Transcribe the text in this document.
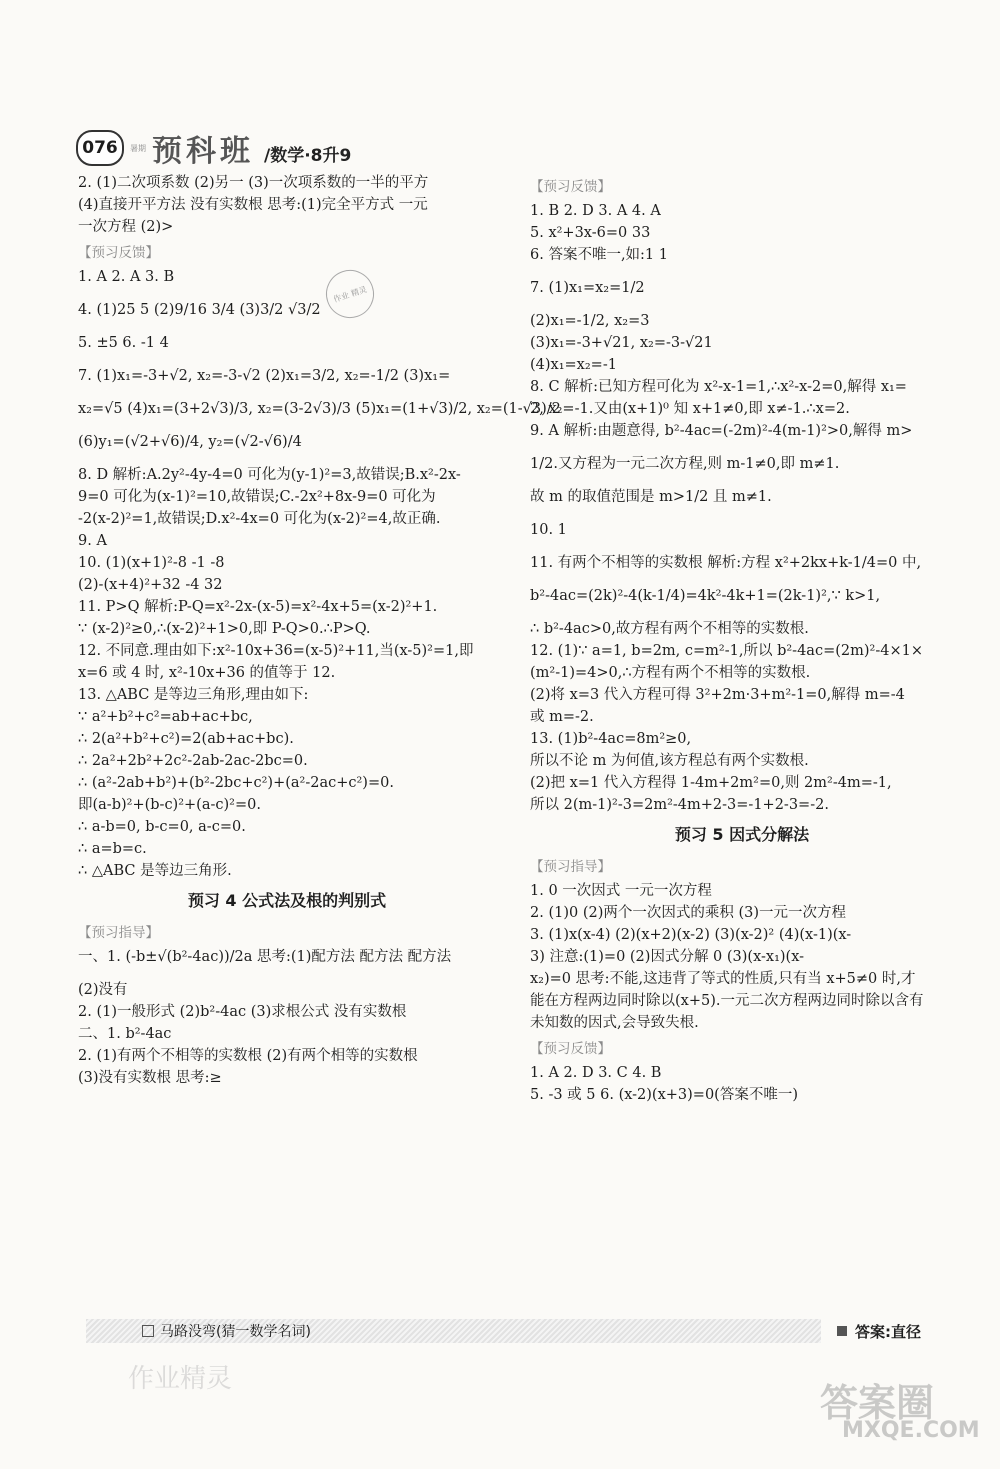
076	暑期 预科班 /数学·8升9
作业 精灵
2. (1)二次项系数 (2)另一 (3)一次项系数的一半的平方
(4)直接开平方法 没有实数根 思考:(1)完全平方式 一元
一次方程 (2)>
【预习反馈】
1. A 2. A 3. B
4. (1)25 5 (2)9/16 3/4 (3)3/2 √3/2
5. ±5 6. -1 4
7. (1)x₁=-3+√2, x₂=-3-√2 (2)x₁=3/2, x₂=-1/2 (3)x₁=
x₂=√5 (4)x₁=(3+2√3)/3, x₂=(3-2√3)/3 (5)x₁=(1+√3)/2, x₂=(1-√3)/2
(6)y₁=(√2+√6)/4, y₂=(√2-√6)/4
8. D 解析:A.2y²-4y-4=0 可化为(y-1)²=3,故错误;B.x²-2x-
9=0 可化为(x-1)²=10,故错误;C.-2x²+8x-9=0 可化为
-2(x-2)²=1,故错误;D.x²-4x=0 可化为(x-2)²=4,故正确.
9. A
10. (1)(x+1)²-8 -1 -8
(2)-(x+4)²+32 -4 32
11. P>Q 解析:P-Q=x²-2x-(x-5)=x²-4x+5=(x-2)²+1.
∵ (x-2)²≥0,∴(x-2)²+1>0,即 P-Q>0.∴P>Q.
12. 不同意.理由如下:x²-10x+36=(x-5)²+11,当(x-5)²=1,即
x=6 或 4 时, x²-10x+36 的值等于 12.
13. △ABC 是等边三角形,理由如下:
∵ a²+b²+c²=ab+ac+bc,
∴ 2(a²+b²+c²)=2(ab+ac+bc).
∴ 2a²+2b²+2c²-2ab-2ac-2bc=0.
∴ (a²-2ab+b²)+(b²-2bc+c²)+(a²-2ac+c²)=0.
即(a-b)²+(b-c)²+(a-c)²=0.
∴ a-b=0, b-c=0, a-c=0.
∴ a=b=c.
∴ △ABC 是等边三角形.
预习 4 公式法及根的判别式
【预习指导】
一、1. (-b±√(b²-4ac))/2a 思考:(1)配方法 配方法 配方法
(2)没有
2. (1)一般形式 (2)b²-4ac (3)求根公式 没有实数根
二、1. b²-4ac
2. (1)有两个不相等的实数根 (2)有两个相等的实数根
(3)没有实数根 思考:≥
【预习反馈】
1. B 2. D 3. A 4. A
5. x²+3x-6=0 33
6. 答案不唯一,如:1 1
7. (1)x₁=x₂=1/2
(2)x₁=-1/2, x₂=3
(3)x₁=-3+√21, x₂=-3-√21
(4)x₁=x₂=-1
8. C 解析:已知方程可化为 x²-x-1=1,∴x²-x-2=0,解得 x₁=
2, x₂=-1.又由(x+1)⁰ 知 x+1≠0,即 x≠-1.∴x=2.
9. A 解析:由题意得, b²-4ac=(-2m)²-4(m-1)²>0,解得 m>
1/2.又方程为一元二次方程,则 m-1≠0,即 m≠1.
故 m 的取值范围是 m>1/2 且 m≠1.
10. 1
11. 有两个不相等的实数根 解析:方程 x²+2kx+k-1/4=0 中,
b²-4ac=(2k)²-4(k-1/4)=4k²-4k+1=(2k-1)²,∵ k>1,
∴ b²-4ac>0,故方程有两个不相等的实数根.
12. (1)∵ a=1, b=2m, c=m²-1,所以 b²-4ac=(2m)²-4×1×
(m²-1)=4>0,∴方程有两个不相等的实数根.
(2)将 x=3 代入方程可得 3²+2m·3+m²-1=0,解得 m=-4
或 m=-2.
13. (1)b²-4ac=8m²≥0,
所以不论 m 为何值,该方程总有两个实数根.
(2)把 x=1 代入方程得 1-4m+2m²=0,则 2m²-4m=-1,
所以 2(m-1)²-3=2m²-4m+2-3=-1+2-3=-2.
预习 5 因式分解法
【预习指导】
1. 0 一次因式 一元一次方程
2. (1)0 (2)两个一次因式的乘积 (3)一元一次方程
3. (1)x(x-4) (2)(x+2)(x-2) (3)(x-2)² (4)(x-1)(x-
3) 注意:(1)=0 (2)因式分解 0 (3)(x-x₁)(x-
x₂)=0 思考:不能,这违背了等式的性质,只有当 x+5≠0 时,才
能在方程两边同时除以(x+5).一元二次方程两边同时除以含有
未知数的因式,会导致失根.
【预习反馈】
1. A 2. D 3. C 4. B
5. -3 或 5 6. (x-2)(x+3)=0(答案不唯一)
马路没弯(猜一数学名词)	答案:直径
作业精灵
答案圈
MXQE.COM
